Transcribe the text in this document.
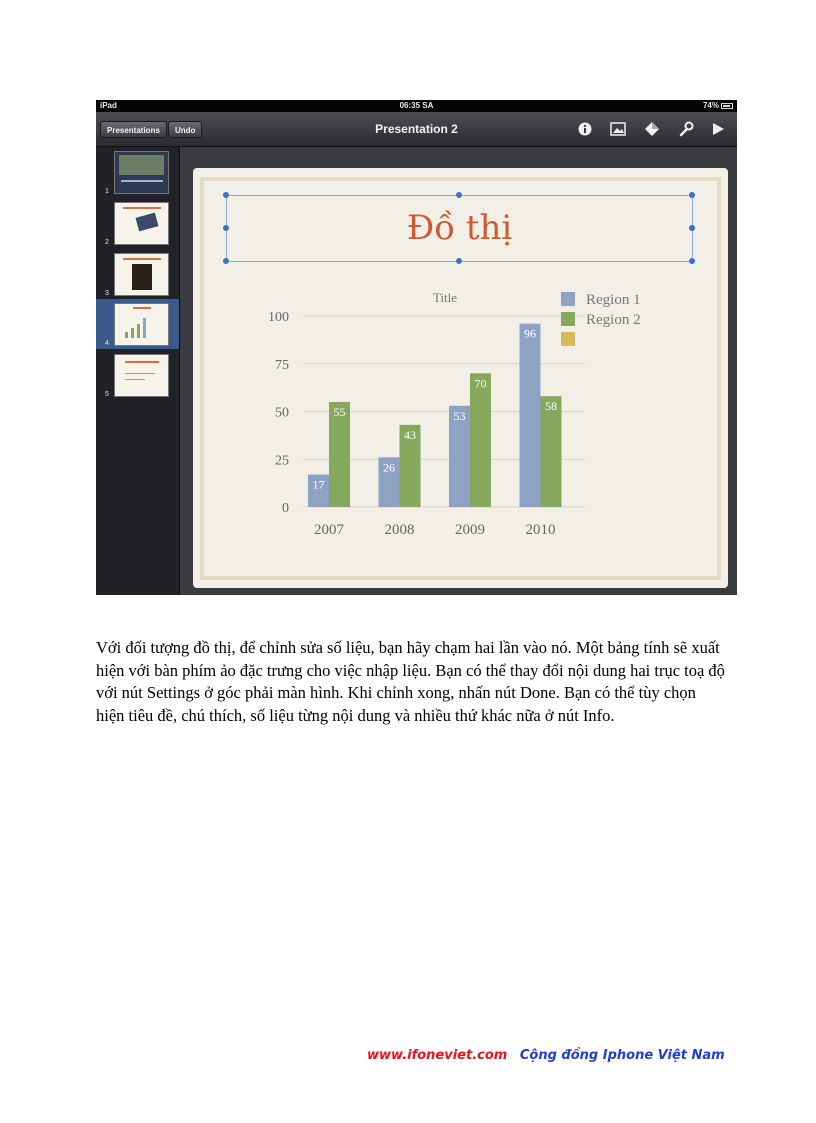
iPad	06:35 SA	74%
Presentations	Undo	Presentation 2
1
2
3
4
5
Đồ thị
Title
0
25
50
75
100
17
55
2007
26
43
2008
53
70
2009
96
58
2010
Region 1
Region 2
Với đối tượng đồ thị, để chỉnh sửa số liệu, bạn hãy chạm hai lần vào nó. Một bảng tính sẽ xuất hiện với bàn phím ảo đặc trưng cho việc nhập liệu. Bạn có thể thay đổi nội dung hai trục toạ độ với nút Settings ở góc phải màn hình. Khi chỉnh xong, nhấn nút Done. Bạn có thể tùy chọn hiện tiêu đề, chú thích, số liệu từng nội dung và nhiều thứ khác nữa ở nút Info.
www.ifoneviet.com Cộng đồng Iphone Việt Nam
